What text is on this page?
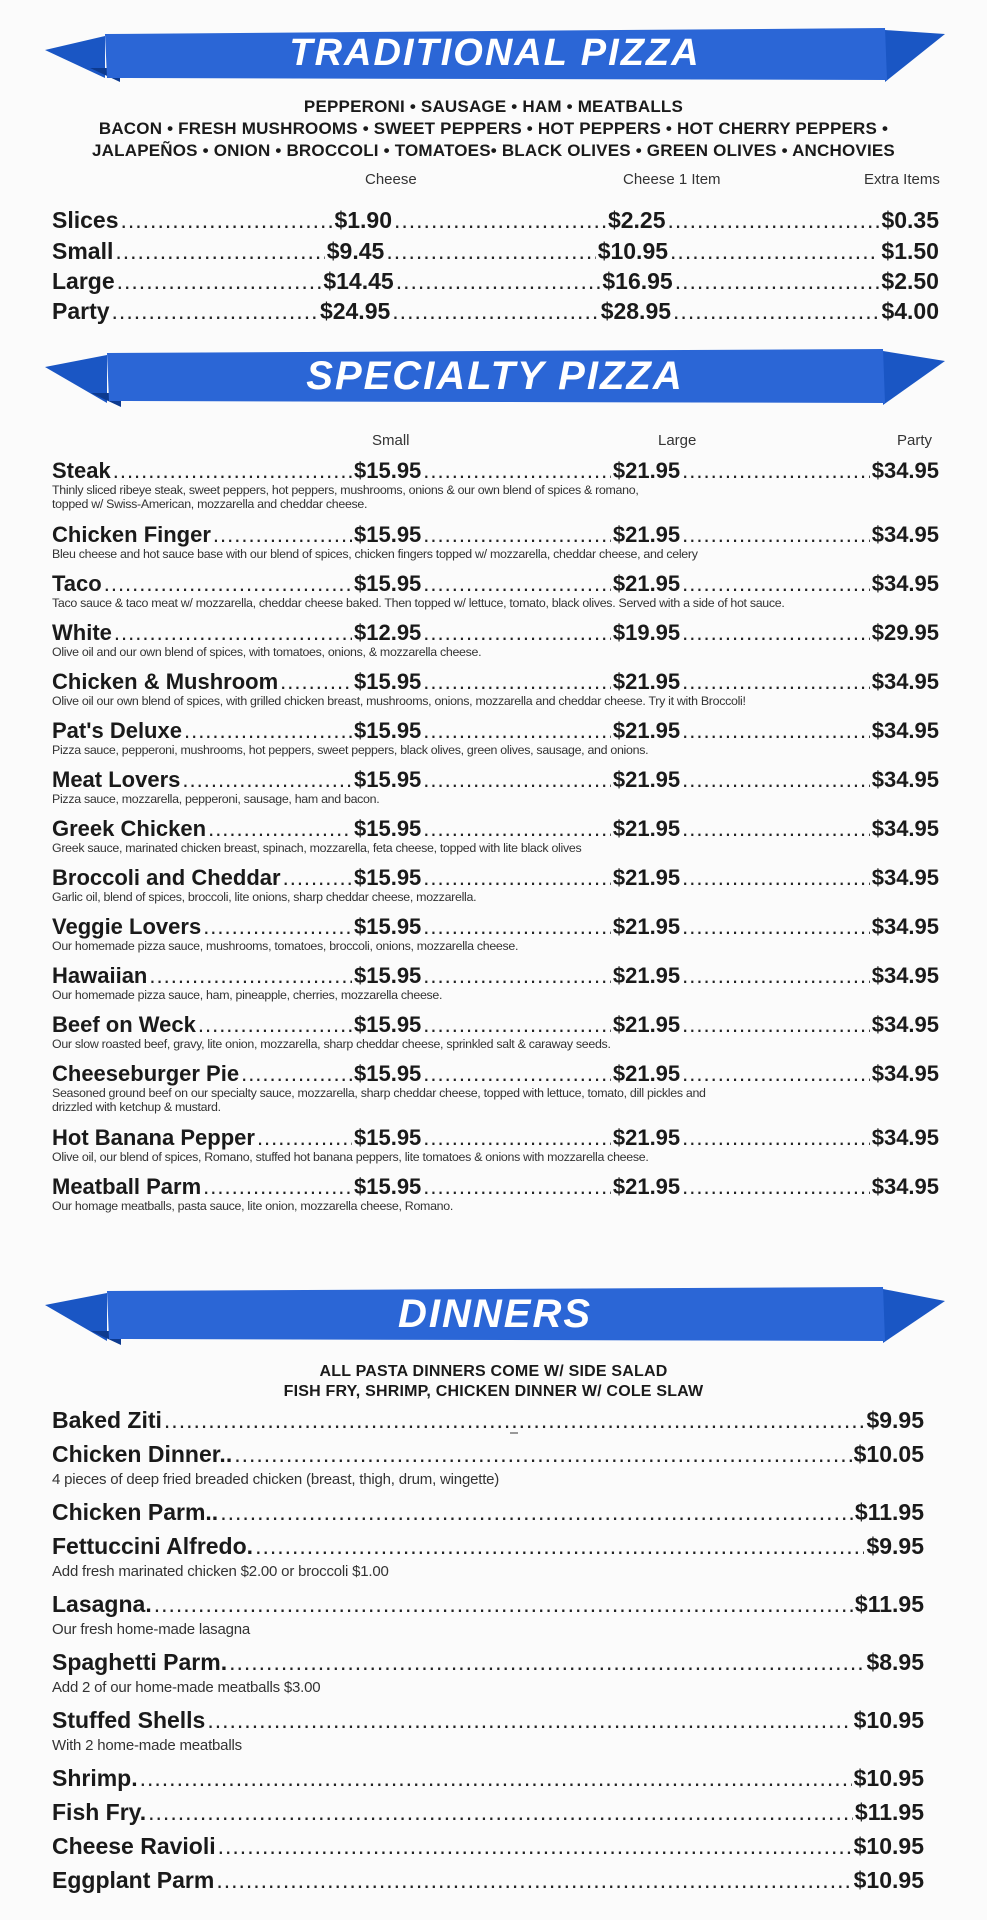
TRADITIONAL PIZZA
PEPPERONI • SAUSAGE • HAM • MEATBALLS
BACON • FRESH MUSHROOMS • SWEET PEPPERS • HOT PEPPERS • HOT CHERRY PEPPERS •
JALAPEÑOS • ONION • BROCCOLI • TOMATOES• BLACK OLIVES • GREEN OLIVES • ANCHOVIES
Cheese	Cheese 1 Item	Extra Items
Slices .....	$1.90 .....	$2.25 .....	$0.35
Small .....	$9.45 .....	$10.95 .....	$1.50
Large .....	$14.45 .....	$16.95 .....	$2.50
Party .....	$24.95 .....	$28.95 .....	$4.00
SPECIALTY PIZZA
Small	Large	Party
Steak .....	$15.95 .....	$21.95 .....	$34.95
Thinly sliced ribeye steak, sweet peppers, hot peppers, mushrooms, onions & our own blend of spices & romano,
topped w/ Swiss-American, mozzarella and cheddar cheese.
Chicken Finger .....	$15.95 .....	$21.95 .....	$34.95
Bleu cheese and hot sauce base with our blend of spices, chicken fingers topped w/ mozzarella, cheddar cheese, and celery
Taco .....	$15.95 .....	$21.95 .....	$34.95
Taco sauce & taco meat w/ mozzarella, cheddar cheese baked. Then topped w/ lettuce, tomato, black olives. Served with a side of hot sauce.
White .....	$12.95 .....	$19.95 .....	$29.95
Olive oil and our own blend of spices, with tomatoes, onions, & mozzarella cheese.
Chicken & Mushroom .....	$15.95 .....	$21.95 .....	$34.95
Olive oil our own blend of spices, with grilled chicken breast, mushrooms, onions, mozzarella and cheddar cheese. Try it with Broccoli!
Pat's Deluxe .....	$15.95 .....	$21.95 .....	$34.95
Pizza sauce, pepperoni, mushrooms, hot peppers, sweet peppers, black olives, green olives, sausage, and onions.
Meat Lovers .....	$15.95 .....	$21.95 .....	$34.95
Pizza sauce, mozzarella, pepperoni, sausage, ham and bacon.
Greek Chicken .....	$15.95 .....	$21.95 .....	$34.95
Greek sauce, marinated chicken breast, spinach, mozzarella, feta cheese, topped with lite black olives
Broccoli and Cheddar .....	$15.95 .....	$21.95 .....	$34.95
Garlic oil, blend of spices, broccoli, lite onions, sharp cheddar cheese, mozzarella.
Veggie Lovers .....	$15.95 .....	$21.95 .....	$34.95
Our homemade pizza sauce, mushrooms, tomatoes, broccoli, onions, mozzarella cheese.
Hawaiian .....	$15.95 .....	$21.95 .....	$34.95
Our homemade pizza sauce, ham, pineapple, cherries, mozzarella cheese.
Beef on Weck .....	$15.95 .....	$21.95 .....	$34.95
Our slow roasted beef, gravy, lite onion, mozzarella, sharp cheddar cheese, sprinkled salt & caraway seeds.
Cheeseburger Pie .....	$15.95 .....	$21.95 .....	$34.95
Seasoned ground beef on our specialty sauce, mozzarella, sharp cheddar cheese, topped with lettuce, tomato, dill pickles and
drizzled with ketchup & mustard.
Hot Banana Pepper .....	$15.95 .....	$21.95 .....	$34.95
Olive oil, our blend of spices, Romano, stuffed hot banana peppers, lite tomatoes & onions with mozzarella cheese.
Meatball Parm .....	$15.95 .....	$21.95 .....	$34.95
Our homage meatballs, pasta sauce, lite onion, mozzarella cheese, Romano.
DINNERS
ALL PASTA DINNERS COME W/ SIDE SALAD
FISH FRY, SHRIMP, CHICKEN DINNER W/ COLE SLAW
Baked Ziti .....	$9.95
Chicken Dinner.. .....	$10.05
4 pieces of deep fried breaded chicken (breast, thigh, drum, wingette)
Chicken Parm.. .....	$11.95
Fettuccini Alfredo. .....	$9.95
Add fresh marinated chicken $2.00 or broccoli $1.00
Lasagna. .....	$11.95
Our fresh home-made lasagna
Spaghetti Parm. .....	$8.95
Add 2 of our home-made meatballs $3.00
Stuffed Shells .....	$10.95
With 2 home-made meatballs
Shrimp. .....	$10.95
Fish Fry. .....	$11.95
Cheese Ravioli .....	$10.95
Eggplant Parm .....	$10.95
